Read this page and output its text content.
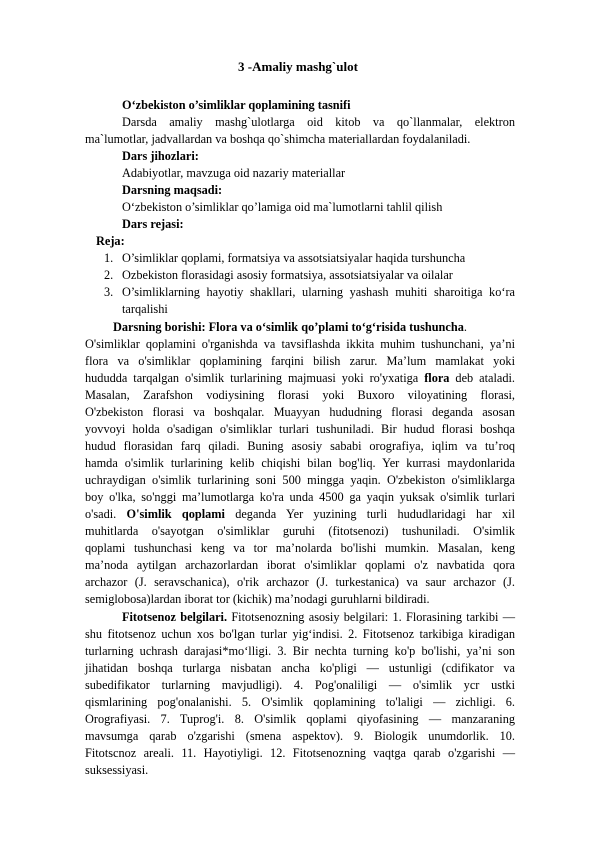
3 -Amaliy mashg`ulot
O‘zbekiston o’simliklar qoplamining tasnifi
Darsda amaliy mashg`ulotlarga oid kitob va qo`llanmalar, elektron
ma`lumotlar, jadvallardan va boshqa qo`shimcha materiallardan foydalaniladi.
Dars jihozlari:
Adabiyotlar, mavzuga oid nazariy materiallar
Darsning maqsadi:
O‘zbekiston o’simliklar qo’lamiga oid ma`lumotlarni tahlil qilish
Dars rejasi:
Reja:
1. O’simliklar qoplami, formatsiya va assotsiatsiyalar haqida turshuncha
2. Ozbekiston florasidagi asosiy formatsiya, assotsiatsiyalar va oilalar
3. O’simliklarning hayotiy shakllari, ularning yashash muhiti sharoitiga ko‘ra
tarqalishi
Darsning borishi: Flora va o‘simlik qo’plami to‘g‘risida tushuncha.
O'simliklar qoplamini o'rganishda va tavsiflashda ikkita muhim tushunchani, ya’ni
flora va o'simliklar qoplamining farqini bilish zarur. Ma’lum mamlakat yoki
hududda tarqalgan o'simlik turlarining majmuasi yoki ro'yxatiga flora deb ataladi.
Masalan, Zarafshon vodiysining florasi yoki Buxoro viloyatining florasi,
O'zbekiston florasi va boshqalar. Muayyan hududning florasi deganda asosan
yovvoyi holda o'sadigan o'simliklar turlari tushuniladi. Bir hudud florasi boshqa
hudud florasidan farq qiladi. Buning asosiy sababi orografiya, iqlim va tu’roq
hamda o'simlik turlarining kelib chiqishi bilan bog'liq. Yer kurrasi maydonlarida
uchraydigan o'simlik turlarining soni 500 mingga yaqin. O'zbekiston o'simliklarga
boy o'lka, so'nggi ma’lumotlarga ko'ra unda 4500 ga yaqin yuksak o'simlik turlari
o'sadi. O'simlik qoplami deganda Yer yuzining turli hududlaridagi har xil
muhitlarda o'sayotgan o'simliklar guruhi (fitotsenozi) tushuniladi. O'simlik
qoplami tushunchasi keng va tor ma’nolarda bo'lishi mumkin. Masalan, keng
ma’noda aytilgan archazorlardan iborat o'simliklar qoplami o'z navbatida qora
archazor (J. seravschanica), o'rik archazor (J. turkestanica) va saur archazor (J.
semiglobosa)lardan iborat tor (kichik) ma’nodagi guruhlarni bildiradi.
Fitotsenoz belgilari. Fitotsenozning asosiy belgilari: 1. Florasining tarkibi —
shu fitotsenoz uchun xos bo'lgan turlar yig‘indisi. 2. Fitotsenoz tarkibiga kiradigan
turlarning uchrash darajasi*mo‘lligi. 3. Bir nechta turning ko'p bo'lishi, ya’ni son
jihatidan boshqa turlarga nisbatan ancha ko'pligi — ustunligi (cdifikator va
subedifikator turlarning mavjudligi). 4. Pog'onaliligi — o'simlik ycr ustki
qismlarining pog'onalanishi. 5. O'simlik qoplamining to'laligi — zichligi. 6.
Orografiyasi. 7. Tuprog'i. 8. O'simlik qoplami qiyofasining — manzaraning
mavsumga qarab o'zgarishi (smena aspektov). 9. Biologik unumdorlik. 10.
Fitotscnoz areali. 11. Hayotiyligi. 12. Fitotsenozning vaqtga qarab o'zgarishi —
suksessiyasi.
